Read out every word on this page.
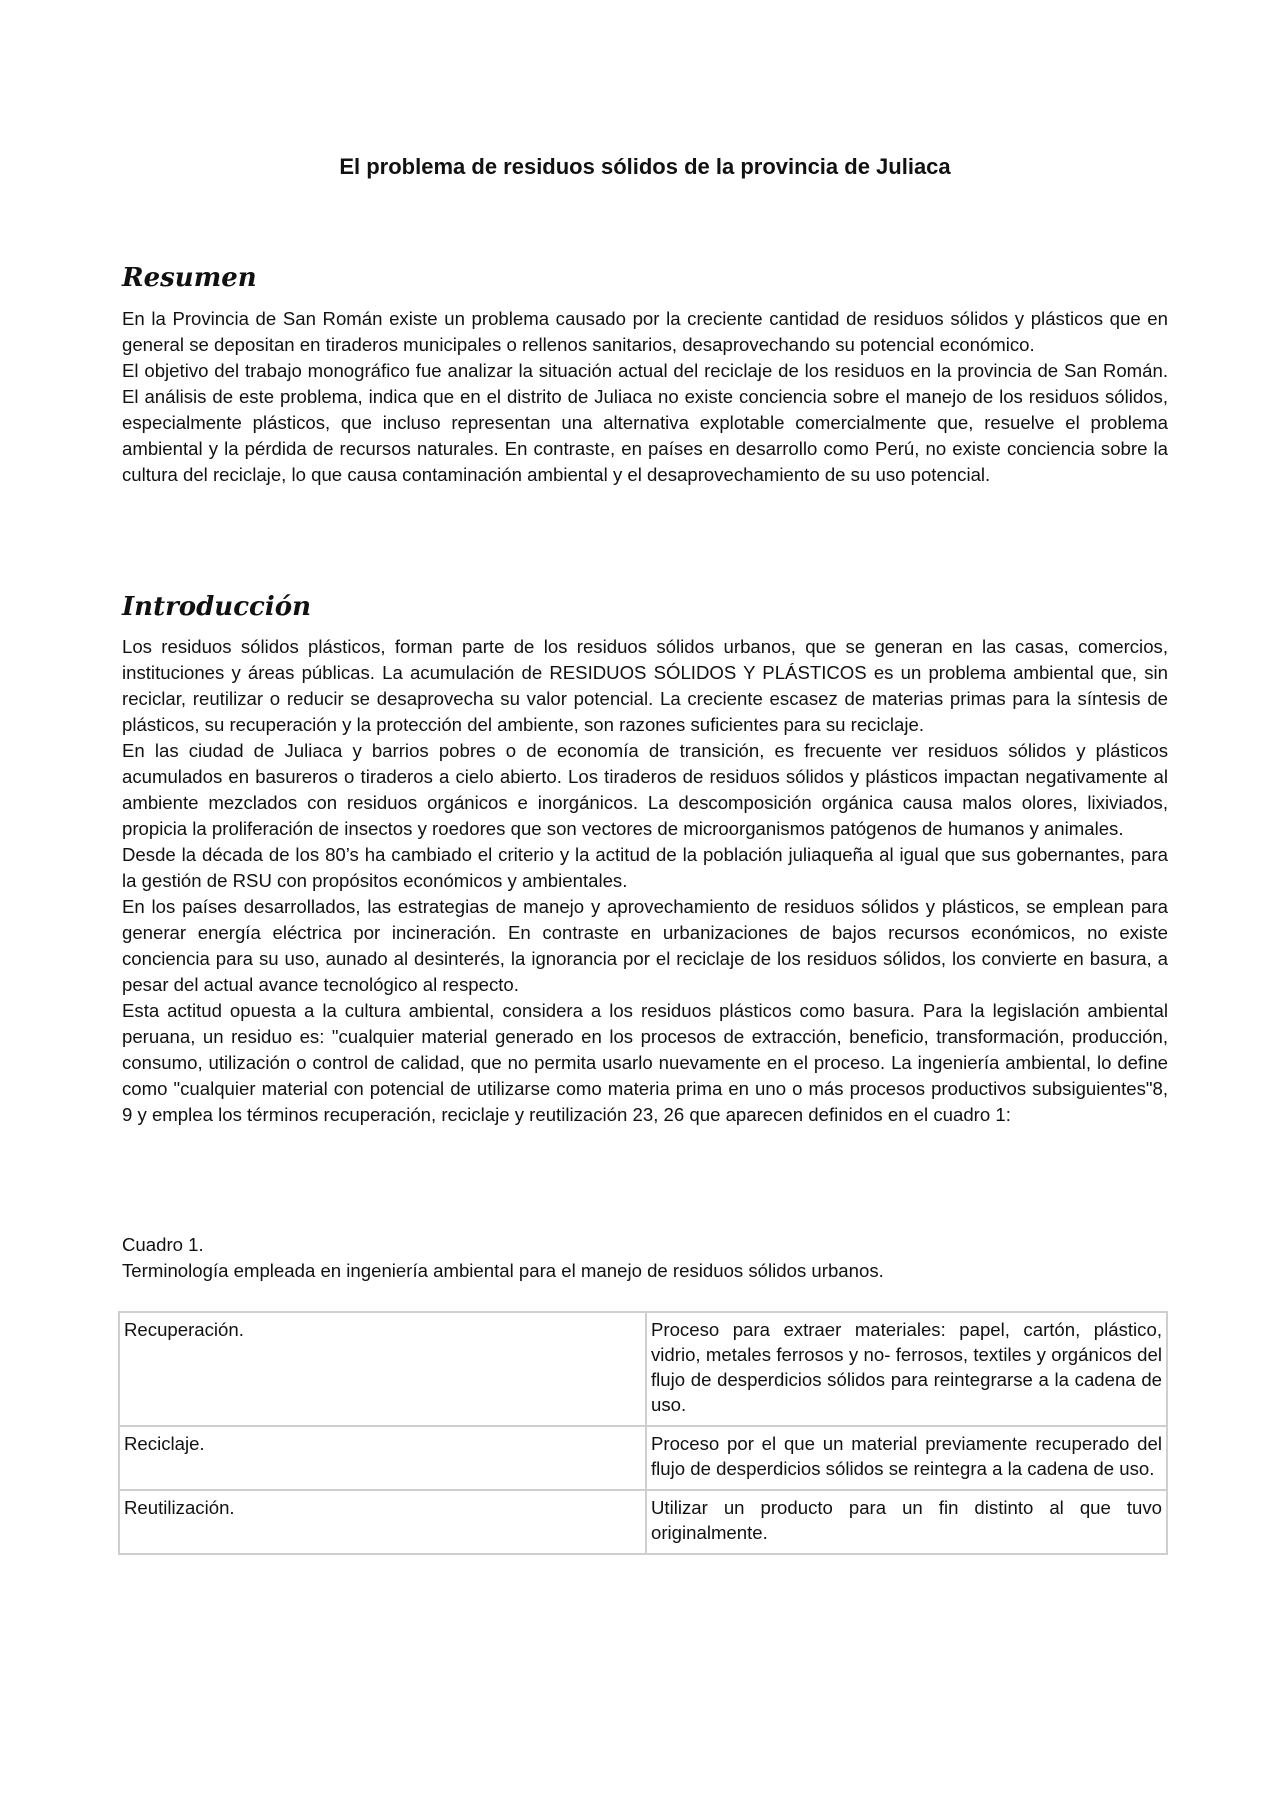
El problema de residuos sólidos de la provincia de Juliaca
Resumen

En la Provincia de San Román existe un problema causado por la creciente cantidad de residuos sólidos y plásticos que en general se depositan en tiraderos municipales o rellenos sanitarios, desaprovechando su potencial económico.

El objetivo del trabajo monográfico fue analizar la situación actual del reciclaje de los residuos en la provincia de San Román. El análisis de este problema, indica que en el distrito de Juliaca no existe conciencia sobre el manejo de los residuos sólidos, especialmente plásticos, que incluso representan una alternativa explotable comercialmente que, resuelve el problema ambiental y la pérdida de recursos naturales. En contraste, en países en desarrollo como Perú, no existe conciencia sobre la cultura del reciclaje, lo que causa contaminación ambiental y el desaprovechamiento de su uso potencial.

Introducción

Los residuos sólidos plásticos, forman parte de los residuos sólidos urbanos, que se generan en las casas, comercios, instituciones y áreas públicas. La acumulación de RESIDUOS SÓLIDOS Y PLÁSTICOS es un problema ambiental que, sin reciclar, reutilizar o reducir se desaprovecha su valor potencial. La creciente escasez de materias primas para la síntesis de plásticos, su recuperación y la protección del ambiente, son razones suficientes para su reciclaje.

En las ciudad de Juliaca y barrios pobres o de economía de transición, es frecuente ver residuos sólidos y plásticos acumulados en basureros o tiraderos a cielo abierto. Los tiraderos de residuos sólidos y plásticos impactan negativamente al ambiente mezclados con residuos orgánicos e inorgánicos. La descomposición orgánica causa malos olores, lixiviados, propicia la proliferación de insectos y roedores que son vectores de microorganismos patógenos de humanos y animales.

Desde la década de los 80’s ha cambiado el criterio y la actitud de la población juliaqueña al igual que sus gobernantes, para la gestión de RSU con propósitos económicos y ambientales.

En los países desarrollados, las estrategias de manejo y aprovechamiento de residuos sólidos y plásticos, se emplean para generar energía eléctrica por incineración. En contraste en urbanizaciones de bajos recursos económicos, no existe conciencia para su uso, aunado al desinterés, la ignorancia por el reciclaje de los residuos sólidos, los convierte en basura, a pesar del actual avance tecnológico al respecto.

Esta actitud opuesta a la cultura ambiental, considera a los residuos plásticos como basura. Para la legislación ambiental peruana, un residuo es: "cualquier material generado en los procesos de extracción, beneficio, transformación, producción, consumo, utilización o control de calidad, que no permita usarlo nuevamente en el proceso. La ingeniería ambiental, lo define como "cualquier material con potencial de utilizarse como materia prima en uno o más procesos productivos subsiguientes"8, 9 y emplea los términos recuperación, reciclaje y reutilización 23, 26 que aparecen definidos en el cuadro 1:

Cuadro 1.

Terminología empleada en ingeniería ambiental para el manejo de residuos sólidos urbanos.

Recuperación.	Proceso para extraer materiales: papel, cartón, plástico, vidrio, metales ferrosos y no- ferrosos, textiles y orgánicos del flujo de desperdicios sólidos para reintegrarse a la cadena de uso.
Reciclaje.	Proceso por el que un material previamente recuperado del flujo de desperdicios sólidos se reintegra a la cadena de uso.
Reutilización.	Utilizar un producto para un fin distinto al que tuvo originalmente.
